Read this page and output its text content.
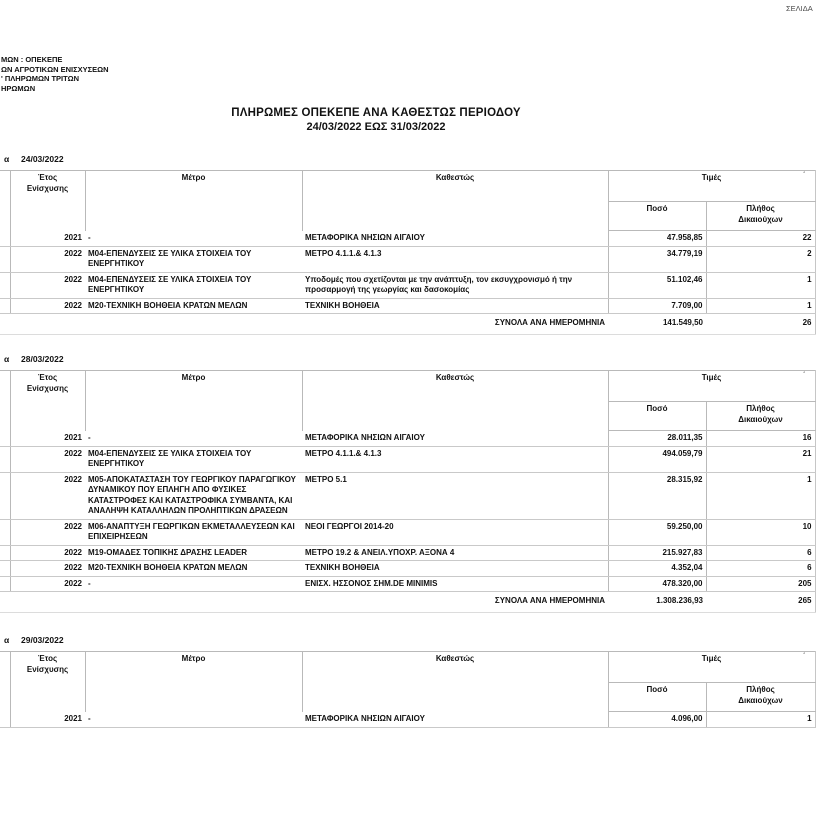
ΣΕΛΙΔΑ
ΜΩΝ : ΟΠΕΚΕΠΕ
ΩΝ ΑΓΡΟΤΙΚΩΝ ΕΝΙΣΧΥΣΕΩΝ
' ΠΛΗΡΩΜΩΝ ΤΡΙΤΩΝ
ΗΡΩΜΩΝ
ΠΛΗΡΩΜΕΣ ΟΠΕΚΕΠΕ ΑΝΑ ΚΑΘΕΣΤΩΣ ΠΕΡΙΟΔΟΥ
24/03/2022 ΕΩΣ 31/03/2022
α 24/03/2022

	Έτος Ενίσχυσης	Μέτρο	Καθεστώς	Τιμές ΄	

				Ποσό	Πλήθος Δικαιούχων

	2021	-	ΜΕΤΑΦΟΡΙΚΑ ΝΗΣΙΩΝ ΑΙΓΑΙΟΥ	47.958,85	22
	2022	M04-ΕΠΕΝΔΥΣΕΙΣ ΣΕ ΥΛΙΚΑ ΣΤΟΙΧΕΙΑ ΤΟΥ ΕΝΕΡΓΗΤΙΚΟΥ	ΜΕΤΡΟ 4.1.1.& 4.1.3	34.779,19	2
	2022	M04-ΕΠΕΝΔΥΣΕΙΣ ΣΕ ΥΛΙΚΑ ΣΤΟΙΧΕΙΑ ΤΟΥ ΕΝΕΡΓΗΤΙΚΟΥ	Υποδομές που σχετίζονται με την ανάπτυξη, τον εκσυγχρονισμό ή την προσαρμογή της γεωργίας και δασοκομίας	51.102,46	1
	2022	M20-ΤΕΧΝΙΚΗ ΒΟΗΘΕΙΑ ΚΡΑΤΩΝ ΜΕΛΩΝ	ΤΕΧΝΙΚΗ ΒΟΗΘΕΙΑ	7.709,00	1
ΣΥΝΟΛΑ ΑΝΑ ΗΜΕΡΟΜΗΝΙΑ				141.549,50	26
α 28/03/2022

	Έτος Ενίσχυσης	Μέτρο	Καθεστώς	Τιμές ΄	

				Ποσό	Πλήθος Δικαιούχων

	2021	-	ΜΕΤΑΦΟΡΙΚΑ ΝΗΣΙΩΝ ΑΙΓΑΙΟΥ	28.011,35	16
	2022	M04-ΕΠΕΝΔΥΣΕΙΣ ΣΕ ΥΛΙΚΑ ΣΤΟΙΧΕΙΑ ΤΟΥ ΕΝΕΡΓΗΤΙΚΟΥ	ΜΕΤΡΟ 4.1.1.& 4.1.3	494.059,79	21
	2022	M05-ΑΠΟΚΑΤΑΣΤΑΣΗ ΤΟΥ ΓΕΩΡΓΙΚΟΥ ΠΑΡΑΓΩΓΙΚΟΥ ΔΥΝΑΜΙΚΟΥ ΠΟΥ ΕΠΛΗΓΗ ΑΠΟ ΦΥΣΙΚΕΣ ΚΑΤΑΣΤΡΟΦΕΣ ΚΑΙ ΚΑΤΑΣΤΡΟΦΙΚΑ ΣΥΜΒΑΝΤΑ, ΚΑΙ ΑΝΑΛΗΨΗ ΚΑΤΑΛΛΗΛΩΝ ΠΡΟΛΗΠΤΙΚΩΝ ΔΡΑΣΕΩΝ	ΜΕΤΡΟ 5.1	28.315,92	1
	2022	M06-ΑΝΑΠΤΥΞΗ ΓΕΩΡΓΙΚΩΝ ΕΚΜΕΤΑΛΛΕΥΣΕΩΝ ΚΑΙ ΕΠΙΧΕΙΡΗΣΕΩΝ	ΝΕΟΙ ΓΕΩΡΓΟΙ 2014-20	59.250,00	10
	2022	M19-ΟΜΑΔΕΣ ΤΟΠΙΚΗΣ ΔΡΑΣΗΣ LEADER	ΜΕΤΡΟ 19.2 & ΑΝΕΙΛ.ΥΠΟΧΡ. ΑΞΟΝΑ 4	215.927,83	6
	2022	M20-ΤΕΧΝΙΚΗ ΒΟΗΘΕΙΑ ΚΡΑΤΩΝ ΜΕΛΩΝ	ΤΕΧΝΙΚΗ ΒΟΗΘΕΙΑ	4.352,04	6
	2022	-	ΕΝΙΣΧ. ΗΣΣΟΝΟΣ ΣΗΜ.DE MINIMIS	478.320,00	205
ΣΥΝΟΛΑ ΑΝΑ ΗΜΕΡΟΜΗΝΙΑ				1.308.236,93	265
α 29/03/2022

	Έτος Ενίσχυσης	Μέτρο	Καθεστώς	Τιμές ΄	

				Ποσό	Πλήθος Δικαιούχων

	2021	-	ΜΕΤΑΦΟΡΙΚΑ ΝΗΣΙΩΝ ΑΙΓΑΙΟΥ	4.096,00	1
